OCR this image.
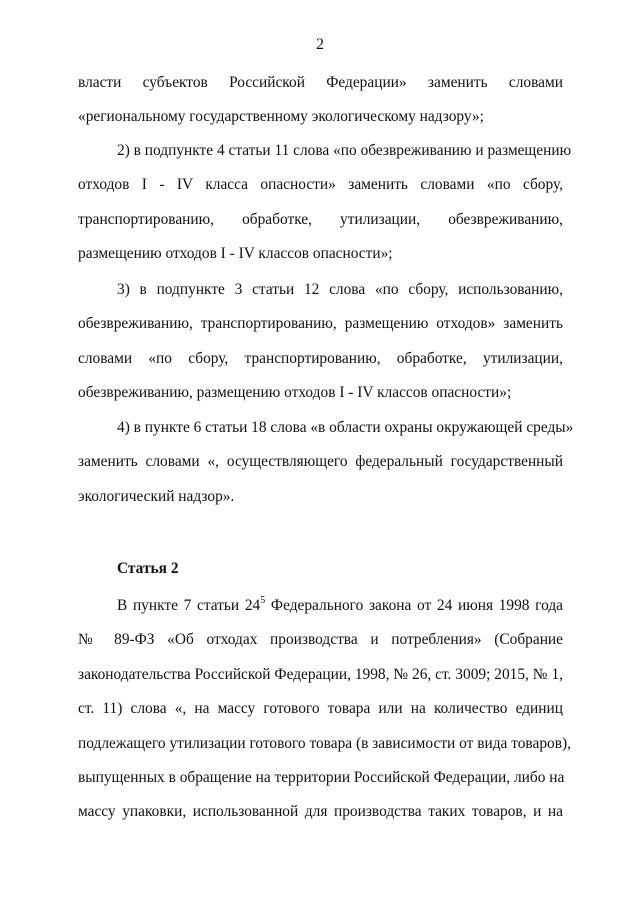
2
власти субъектов Российской Федерации» заменить словами
«региональному государственному экологическому надзору»;
2) в подпункте 4 статьи 11 слова «по обезвреживанию и размещению
отходов I - IV класса опасности» заменить словами «по сбору,
транспортированию, обработке, утилизации, обезвреживанию,
размещению отходов I - IV классов опасности»;
3) в подпункте 3 статьи 12 слова «по сбору, использованию,
обезвреживанию, транспортированию, размещению отходов» заменить
словами «по сбору, транспортированию, обработке, утилизации,
обезвреживанию, размещению отходов I - IV классов опасности»;
4) в пункте 6 статьи 18 слова «в области охраны окружающей среды»
заменить словами «, осуществляющего федеральный государственный
экологический надзор».
Статья 2
В пункте 7 статьи $24^5$ Федерального закона от 24 июня 1998 года
№ 89-ФЗ «Об отходах производства и потребления» (Собрание
законодательства Российской Федерации, 1998, № 26, ст. 3009; 2015, № 1,
ст. 11) слова «, на массу готового товара или на количество единиц
подлежащего утилизации готового товара (в зависимости от вида товаров),
выпущенных в обращение на территории Российской Федерации, либо на
массу упаковки, использованной для производства таких товаров, и на
